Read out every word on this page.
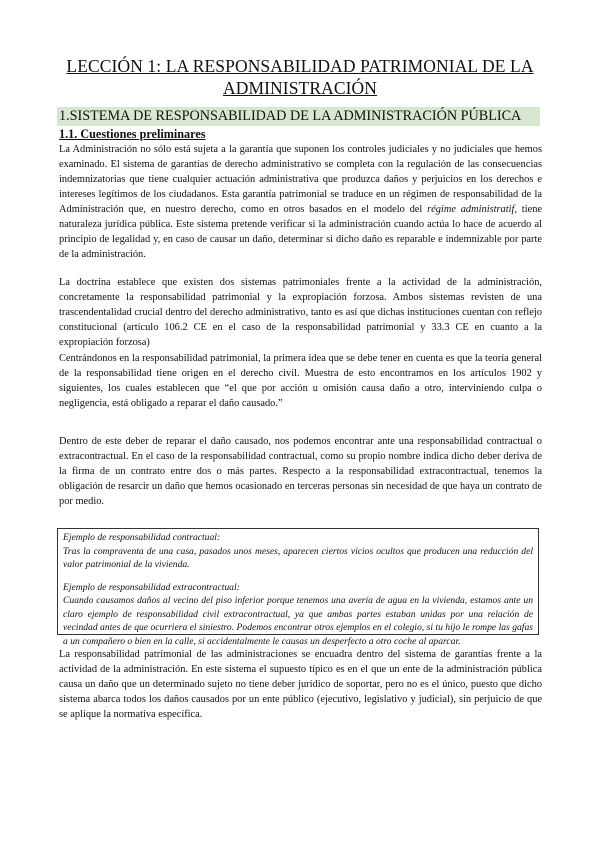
LECCIÓN 1: LA RESPONSABILIDAD PATRIMONIAL DE LA ADMINISTRACIÓN
1.SISTEMA DE RESPONSABILIDAD DE LA ADMINISTRACIÓN PÚBLICA
1.1. Cuestiones preliminares

La Administración no sólo está sujeta a la garantía que suponen los controles judiciales y no judiciales que hemos examinado. El sistema de garantías de derecho administrativo se completa con la regulación de las consecuencias indemnizatorias que tiene cualquier actuación administrativa que produzca daños y perjuicios en los derechos e intereses legítimos de los ciudadanos. Esta garantía patrimonial se traduce en un régimen de responsabilidad de la Administración que, en nuestro derecho, como en otros basados en el modelo del régime administratif, tiene naturaleza jurídica pública. Este sistema pretende verificar si la administración cuando actúa lo hace de acuerdo al principio de legalidad y, en caso de causar un daño, determinar si dicho daño es reparable e indemnizable por parte de la administración.

La doctrina establece que existen dos sistemas patrimoniales frente a la actividad de la administración, concretamente la responsabilidad patrimonial y la expropiación forzosa. Ambos sistemas revisten de una trascendentalidad crucial dentro del derecho administrativo, tanto es así que dichas instituciones cuentan con reflejo constitucional (artículo 106.2 CE en el caso de la responsabilidad patrimonial y 33.3 CE en cuanto a la expropiación forzosa)

Centrándonos en la responsabilidad patrimonial, la primera idea que se debe tener en cuenta es que la teoría general de la responsabilidad tiene origen en el derecho civil. Muestra de esto encontramos en los artículos 1902 y siguientes, los cuales establecen que “el que por acción u omisión causa daño a otro, interviniendo culpa o negligencia, está obligado a reparar el daño causado.”

Dentro de este deber de reparar el daño causado, nos podemos encontrar ante una responsabilidad contractual o extracontractual. En el caso de la responsabilidad contractual, como su propio nombre indica dicho deber deriva de la firma de un contrato entre dos o más partes. Respecto a la responsabilidad extracontractual, tenemos la obligación de resarcir un daño que hemos ocasionado en terceras personas sin necesidad de que haya un contrato de por medio.

Ejemplo de responsabilidad contractual:

Tras la compraventa de una casa, pasados unos meses, aparecen ciertos vicios ocultos que producen una reducción del valor patrimonial de la vivienda.

Ejemplo de responsabilidad extracontractual:

Cuando causamos daños al vecino del piso inferior porque tenemos una avería de agua en la vivienda, estamos ante un claro ejemplo de responsabilidad civil extracontractual, ya que ambas partes estaban unidas por una relación de vecindad antes de que ocurriera el siniestro. Podemos encontrar otros ejemplos en el colegio, si tu hijo le rompe las gafas a un compañero o bien en la calle, si accidentalmente le causas un desperfecto a otro coche al aparcar.

La responsabilidad patrimonial de las administraciones se encuadra dentro del sistema de garantías frente a la actividad de la administración. En este sistema el supuesto típico es en el que un ente de la administración pública causa un daño que un determinado sujeto no tiene deber jurídico de soportar, pero no es el único, puesto que dicho sistema abarca todos los daños causados por un ente público (ejecutivo, legislativo y judicial), sin perjuicio de que se aplique la normativa específica.
